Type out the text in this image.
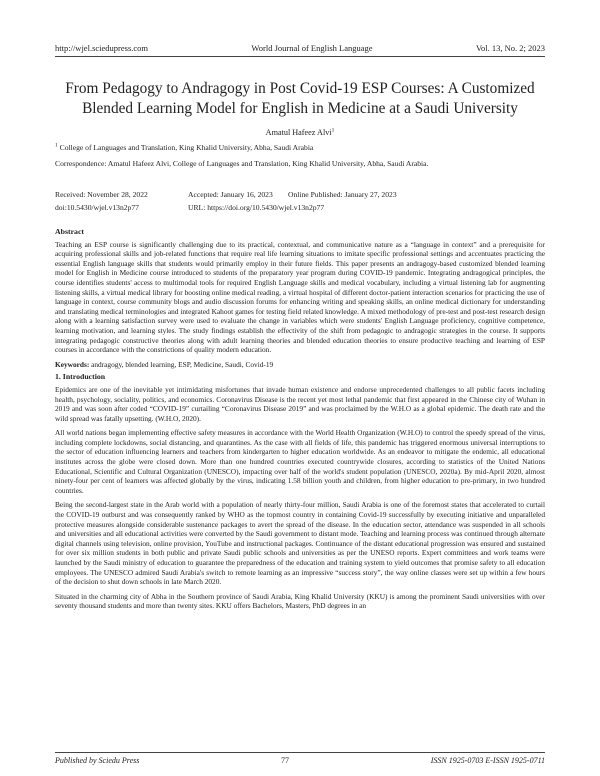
http://wjel.sciedupress.com	World Journal of English Language	Vol. 13, No. 2; 2023
From Pedagogy to Andragogy in Post Covid-19 ESP Courses: A Customized
Blended Learning Model for English in Medicine at a Saudi University
Amatul Hafeez Alvi$^1$
$^1$ College of Languages and Translation, King Khalid University, Abha, Saudi Arabia
Correspondence: Amatul Hafeez Alvi, College of Languages and Translation, King Khalid University, Abha, Saudi Arabia.
Received: November 28, 2022	Accepted: January 16, 2023	Online Published: January 27, 2023
doi:10.5430/wjel.v13n2p77	URL: https://doi.org/10.5430/wjel.v13n2p77
Abstract

Teaching an ESP course is significantly challenging due to its practical, contextual, and communicative nature as a “language in context” and a prerequisite for acquiring professional skills and job-related functions that require real life learning situations to imitate specific professional settings and accentuates practicing the essential English language skills that students would primarily employ in their future fields. This paper presents an andragogy-based customized blended learning model for English in Medicine course introduced to students of the preparatory year program during COVID-19 pandemic. Integrating andragogical principles, the course identifies students' access to multimodal tools for required English Language skills and medical vocabulary, including a virtual listening lab for augmenting listening skills, a virtual medical library for boosting online medical reading, a virtual hospital of different doctor-patient interaction scenarios for practicing the use of language in context, course community blogs and audio discussion forums for enhancing writing and speaking skills, an online medical dictionary for understanding and translating medical terminologies and integrated Kahoot games for testing field related knowledge. A mixed methodology of pre-test and post-test research design along with a learning satisfaction survey were used to evaluate the change in variables which were students' English Language proficiency, cognitive competence, learning motivation, and learning styles. The study findings establish the effectivity of the shift from pedagogic to andragogic strategies in the course. It supports integrating pedagogic constructive theories along with adult learning theories and blended education theories to ensure productive teaching and learning of ESP courses in accordance with the constrictions of quality modern education.

Keywords: andragogy, blended learning, ESP, Medicine, Saudi, Covid-19
1. Introduction

Epidemics are one of the inevitable yet intimidating misfortunes that invade human existence and endorse unprecedented challenges to all public facets including health, psychology, sociality, politics, and economics. Coronavirus Disease is the recent yet most lethal pandemic that first appeared in the Chinese city of Wuhan in 2019 and was soon after coded “COVID-19” curtailing “Coronavirus Disease 2019” and was proclaimed by the W.H.O as a global epidemic. The death rate and the wild spread was fatally upsetting. (W.H.O, 2020).

All world nations began implementing effective safety measures in accordance with the World Health Organization (W.H.O) to control the speedy spread of the virus, including complete lockdowns, social distancing, and quarantines. As the case with all fields of life, this pandemic has triggered enormous universal interruptions to the sector of education influencing learners and teachers from kindergarten to higher education worldwide. As an endeavor to mitigate the endemic, all educational institutes across the globe were closed down. More than one hundred countries executed countrywide closures, according to statistics of the United Nations Educational, Scientific and Cultural Organization (UNESCO), impacting over half of the world's student population (UNESCO, 2020a). By mid-April 2020, almost ninety-four per cent of learners was affected globally by the virus, indicating 1.58 billion youth and children, from higher education to pre-primary, in two hundred countries.

Being the second-largest state in the Arab world with a population of nearly thirty-four million, Saudi Arabia is one of the foremost states that accelerated to curtail the COVID-19 outburst and was consequently ranked by WHO as the topmost country in containing Covid-19 successfully by executing initiative and unparalleled protective measures alongside considerable sustenance packages to avert the spread of the disease. In the education sector, attendance was suspended in all schools and universities and all educational activities were converted by the Saudi government to distant mode. Teaching and learning process was continued through alternate digital channels using television, online provision, YouTube and instructional packages. Continuance of the distant educational progression was ensured and sustained for over six million students in both public and private Saudi public schools and universities as per the UNESO reports. Expert committees and work teams were launched by the Saudi ministry of education to guarantee the preparedness of the education and training system to yield outcomes that promise safety to all education employees. The UNESCO admired Saudi Arabia's switch to remote learning as an impressive “success story”, the way online classes were set up within a few hours of the decision to shut down schools in late March 2020.

Situated in the charming city of Abha in the Southern province of Saudi Arabia, King Khalid University (KKU) is among the prominent Saudi universities with over seventy thousand students and more than twenty sites. KKU offers Bachelors, Masters, PhD degrees in an

Published by Sciedu Press	77	ISSN 1925-0703 E-ISSN 1925-0711
